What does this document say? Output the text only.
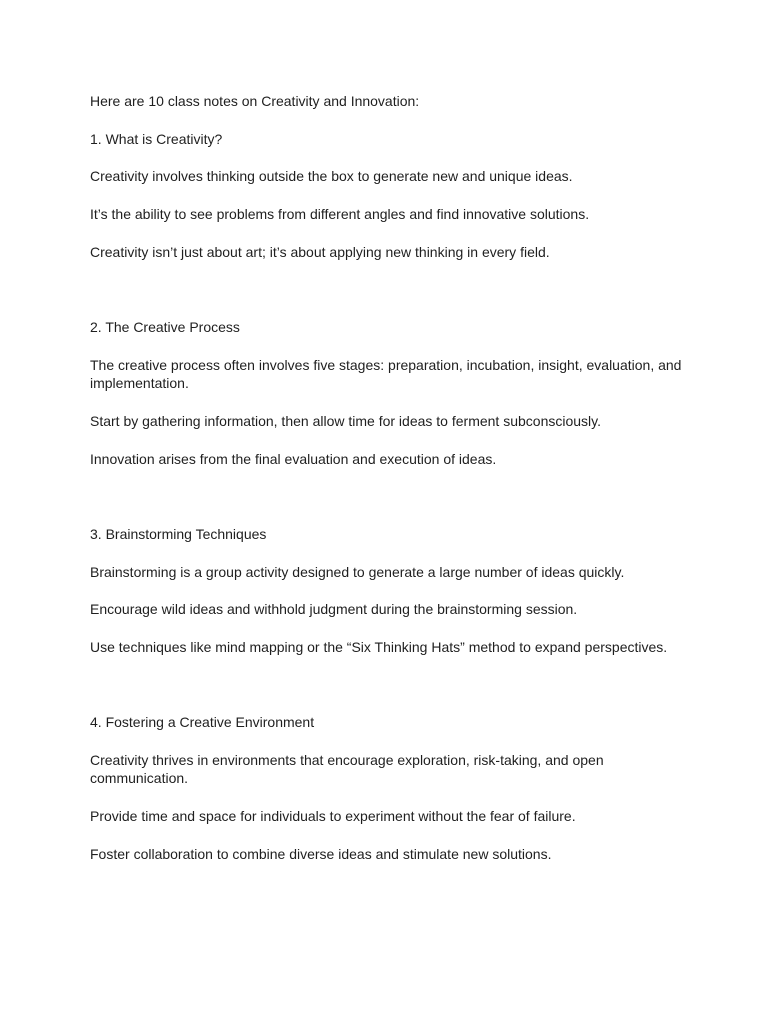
Here are 10 class notes on Creativity and Innovation:

1. What is Creativity?

Creativity involves thinking outside the box to generate new and unique ideas.

It’s the ability to see problems from different angles and find innovative solutions.

Creativity isn’t just about art; it’s about applying new thinking in every field.

2. The Creative Process

The creative process often involves five stages: preparation, incubation, insight, evaluation, and implementation.

Start by gathering information, then allow time for ideas to ferment subconsciously.

Innovation arises from the final evaluation and execution of ideas.

3. Brainstorming Techniques

Brainstorming is a group activity designed to generate a large number of ideas quickly.

Encourage wild ideas and withhold judgment during the brainstorming session.

Use techniques like mind mapping or the “Six Thinking Hats” method to expand perspectives.

4. Fostering a Creative Environment

Creativity thrives in environments that encourage exploration, risk-taking, and open communication.

Provide time and space for individuals to experiment without the fear of failure.

Foster collaboration to combine diverse ideas and stimulate new solutions.
